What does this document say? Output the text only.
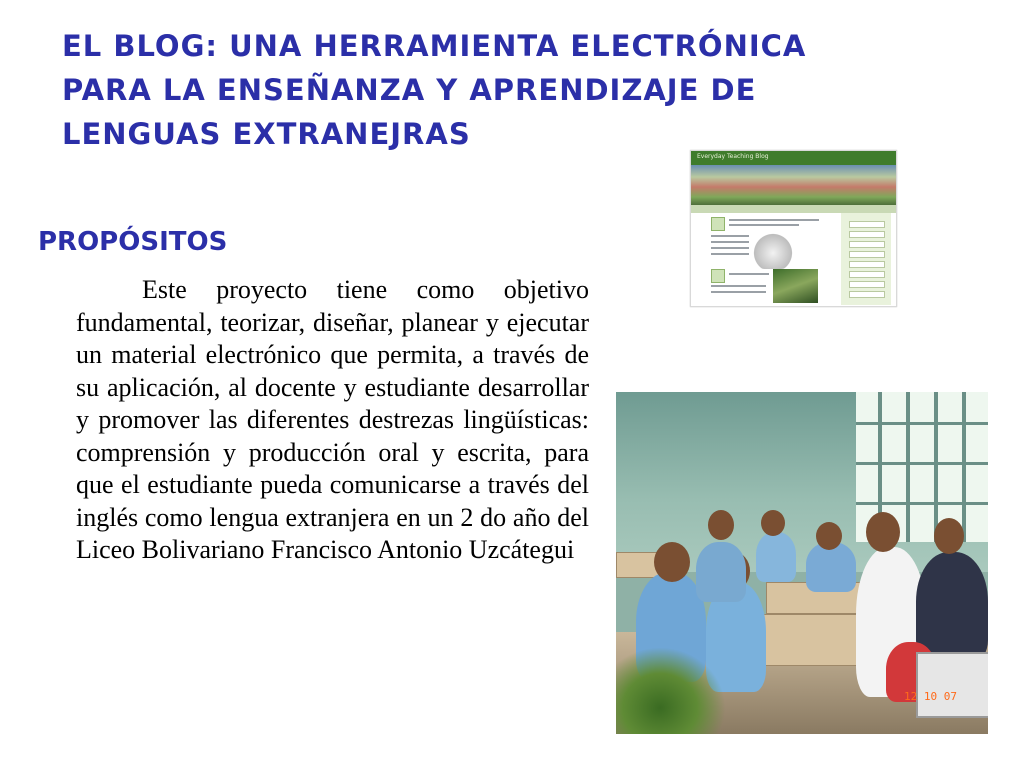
EL BLOG: UNA HERRAMIENTA ELECTRÓNICA PARA LA ENSEÑANZA Y APRENDIZAJE DE LENGUAS EXTRANEJRAS
PROPÓSITOS

Este proyecto tiene como objetivo fundamental, teorizar, diseñar, planear y ejecutar un material electrónico que permita, a través de su aplicación, al docente y estudiante desarrollar y promover las diferentes destrezas lingüísticas: comprensión y producción oral y escrita, para que el estudiante pueda comunicarse a través del inglés como lengua extranjera en un 2 do año del Liceo Bolivariano Francisco Antonio Uzcátegui

Everyday Teaching Blog
12 10 07
